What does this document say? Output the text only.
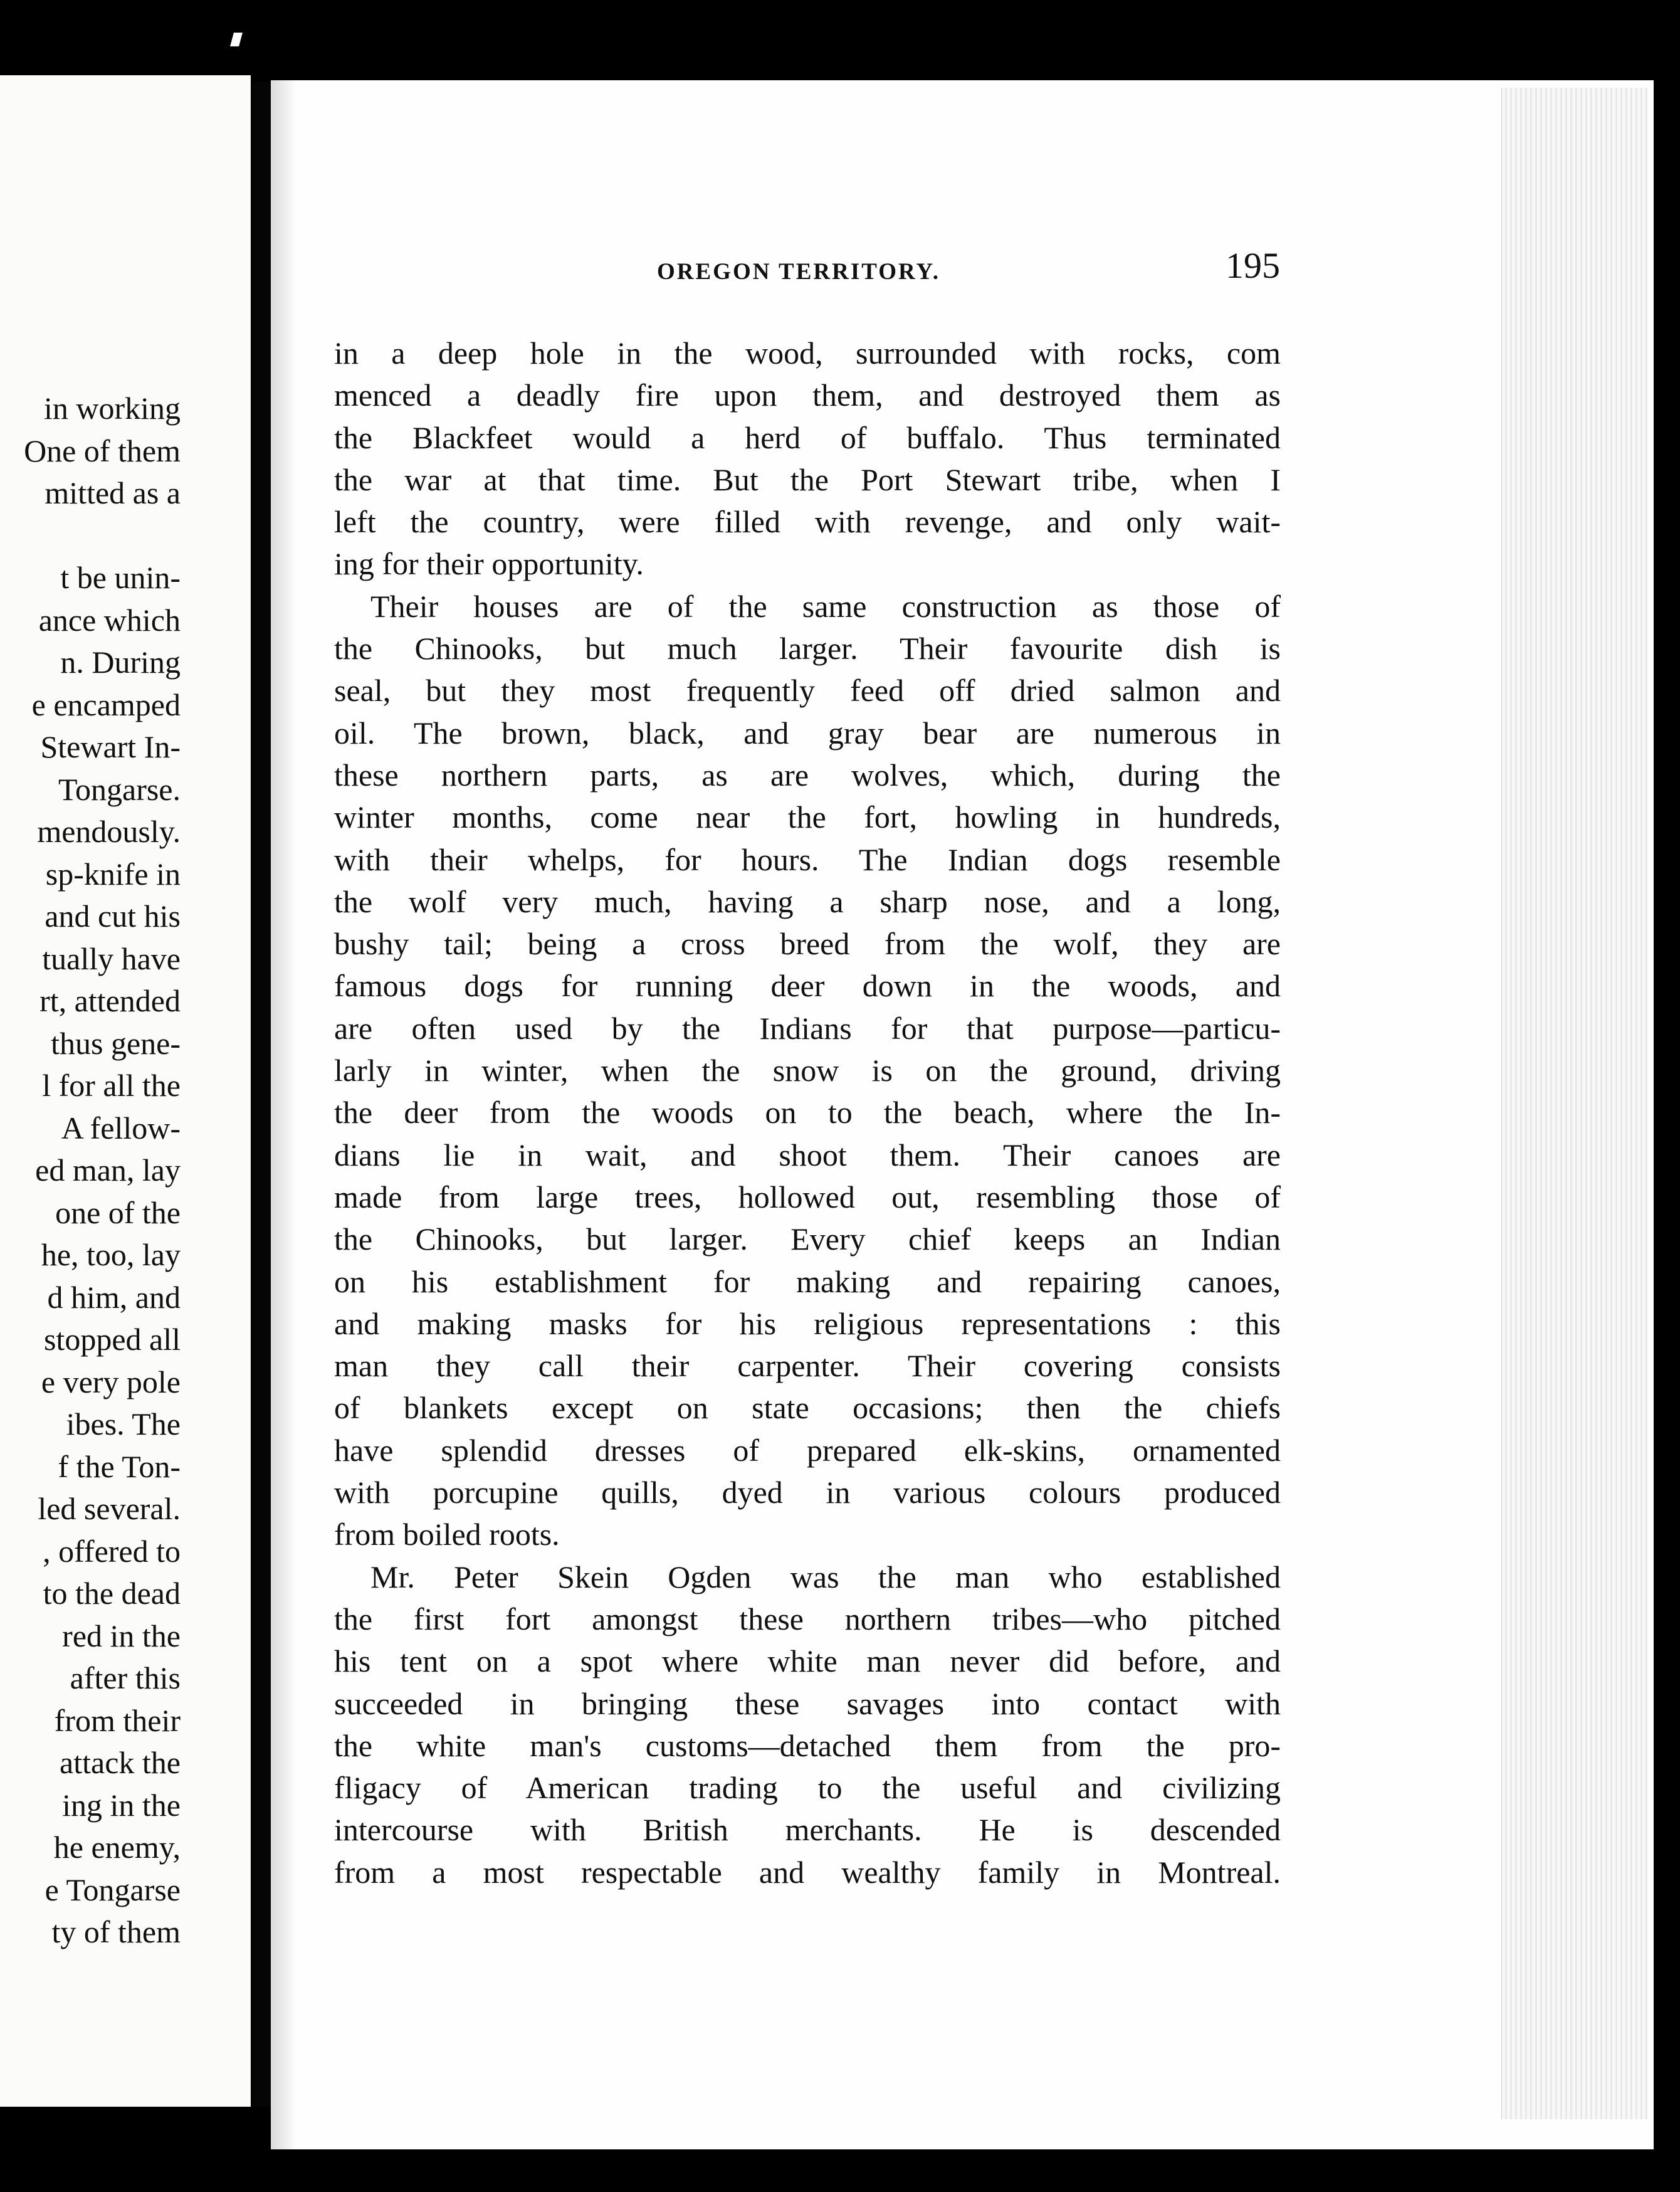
in working
One of them
mitted as a
t be unin-
ance which
n. During
e encamped
Stewart In-
Tongarse.
mendously.
sp-knife in
and cut his
tually have
rt, attended
thus gene-
l for all the
A fellow-
ed man, lay
one of the
he, too, lay
d him, and
stopped all
e very pole
ibes. The
f the Ton-
led several.
, offered to
to the dead
red in the
after this
from their
attack the
ing in the
he enemy,
e Tongarse
ty of them
OREGON TERRITORY.	195
in a deep hole in the wood, surrounded with rocks, com
menced a deadly fire upon them, and destroyed them as
the Blackfeet would a herd of buffalo. Thus terminated
the war at that time. But the Port Stewart tribe, when I
left the country, were filled with revenge, and only wait-
ing for their opportunity.
Their houses are of the same construction as those of
the Chinooks, but much larger. Their favourite dish is
seal, but they most frequently feed off dried salmon and
oil. The brown, black, and gray bear are numerous in
these northern parts, as are wolves, which, during the
winter months, come near the fort, howling in hundreds,
with their whelps, for hours. The Indian dogs resemble
the wolf very much, having a sharp nose, and a long,
bushy tail; being a cross breed from the wolf, they are
famous dogs for running deer down in the woods, and
are often used by the Indians for that purpose—particu-
larly in winter, when the snow is on the ground, driving
the deer from the woods on to the beach, where the In-
dians lie in wait, and shoot them. Their canoes are
made from large trees, hollowed out, resembling those of
the Chinooks, but larger. Every chief keeps an Indian
on his establishment for making and repairing canoes,
and making masks for his religious representations : this
man they call their carpenter. Their covering consists
of blankets except on state occasions; then the chiefs
have splendid dresses of prepared elk-skins, ornamented
with porcupine quills, dyed in various colours produced
from boiled roots.
Mr. Peter Skein Ogden was the man who established
the first fort amongst these northern tribes—who pitched
his tent on a spot where white man never did before, and
succeeded in bringing these savages into contact with
the white man's customs—detached them from the pro-
fligacy of American trading to the useful and civilizing
intercourse with British merchants. He is descended
from a most respectable and wealthy family in Montreal.
